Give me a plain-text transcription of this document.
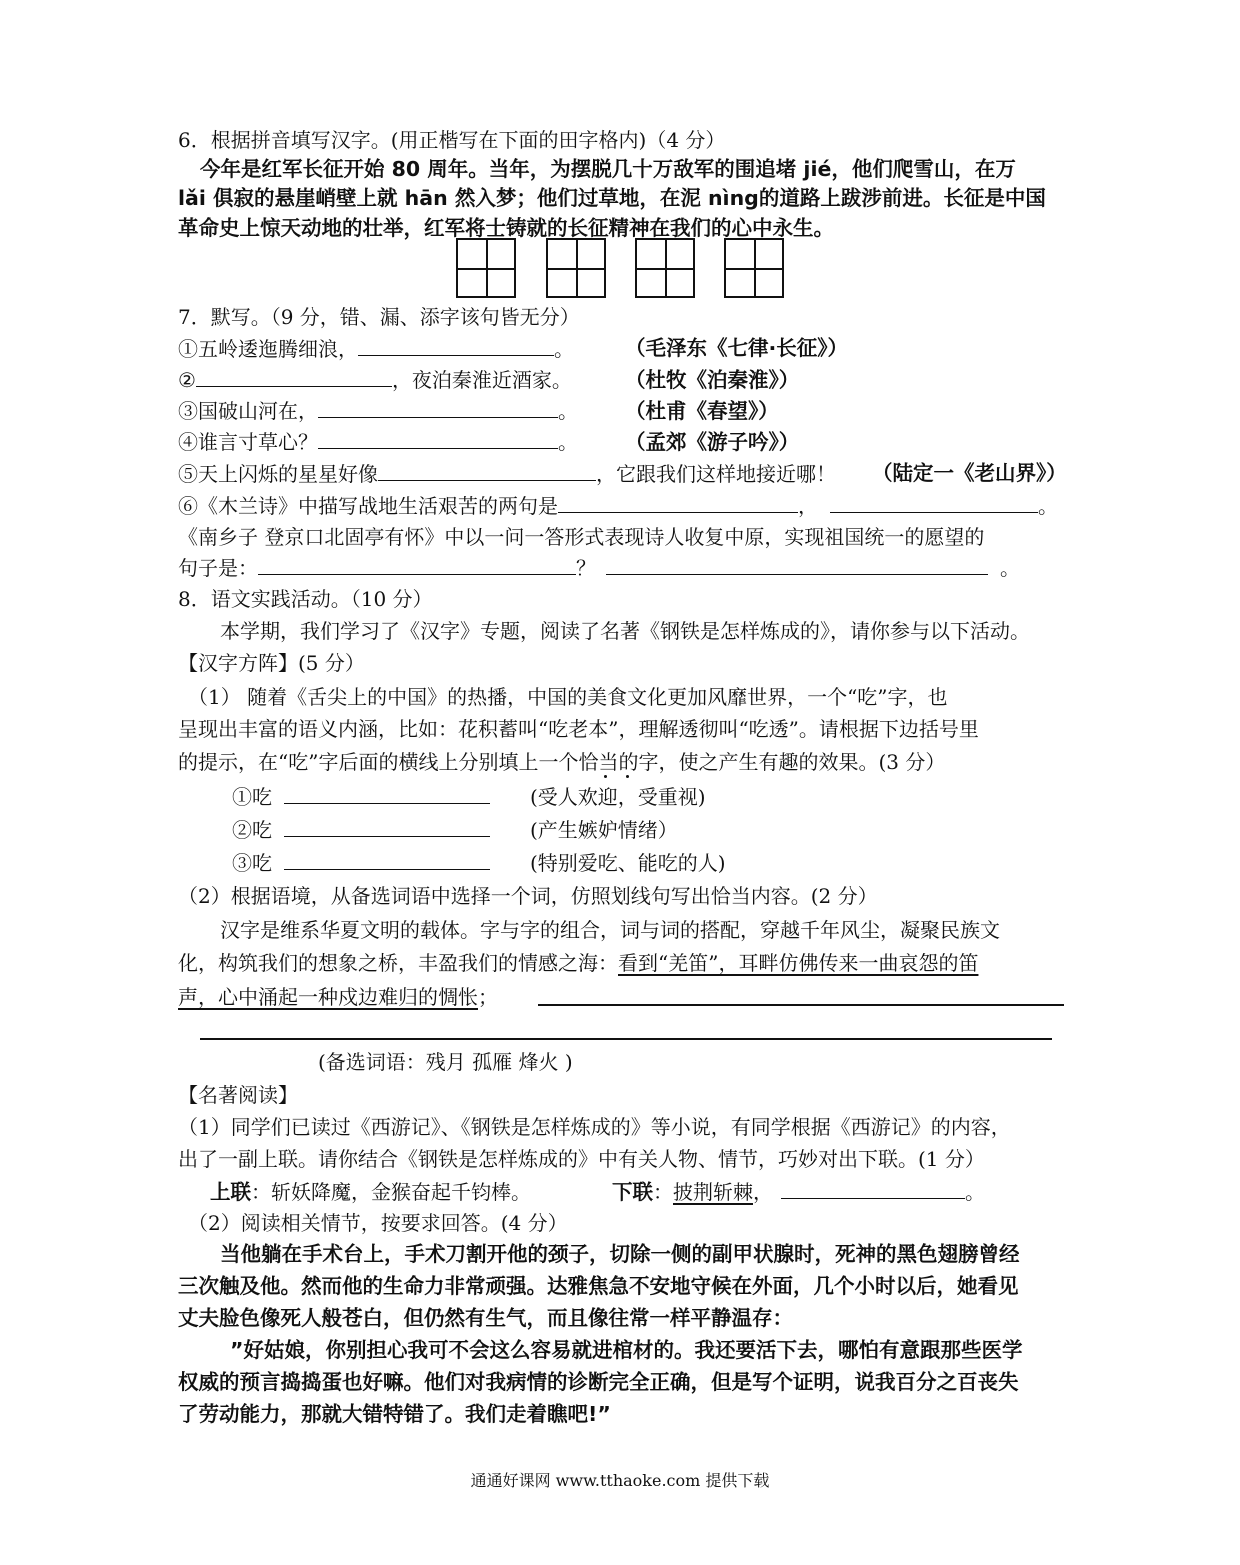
6．根据拼音填写汉字。(用正楷写在下面的田字格内)（4 分）
今年是红军长征开始 80 周年。当年，为摆脱几十万敌军的围追堵 jié，他们爬雪山，在万
lǎi 俱寂的悬崖峭壁上就 hān 然入梦；他们过草地，在泥 nìng的道路上跋涉前进。长征是中国
革命史上惊天动地的壮举，红军将士铸就的长征精神在我们的心中永生。
7．默写。（9 分，错、漏、添字该句皆无分）
①五岭逶迤腾细浪，	。 （毛泽东《七律·长征》）
②	，夜泊秦淮近酒家。	（杜牧《泊秦淮》）
③国破山河在，	。 （杜甫《春望》）
④谁言寸草心？	。 （孟郊《游子吟》）
⑤天上闪烁的星星好像	，它跟我们这样地接近哪！ （陆定一《老山界》）
⑥《木兰诗》中描写战地生活艰苦的两句是	，	。
《南乡子 登京口北固亭有怀》中以一问一答形式表现诗人收复中原，实现祖国统一的愿望的
句子是：	？	。
8．语文实践活动。（10 分）
本学期，我们学习了《汉字》专题，阅读了名著《钢铁是怎样炼成的》，请你参与以下活动。
【汉字方阵】(5 分）
（1） 随着《舌尖上的中国》的热播，中国的美食文化更加风靡世界，一个“吃”字，也
呈现出丰富的语义内涵，比如：花积蓄叫“吃老本”，理解透彻叫“吃透”。请根据下边括号里
的提示，在“吃”字后面的横线上分别填上一个恰当的字，使之产生有趣的效果。(3 分）
①吃	(受人欢迎，受重视)
②吃	(产生嫉妒情绪）
③吃	(特别爱吃、能吃的人)
（2）根据语境，从备选词语中选择一个词，仿照划线句写出恰当内容。(2 分）
汉字是维系华夏文明的载体。字与字的组合，词与词的搭配，穿越千年风尘，凝聚民族文
化，构筑我们的想象之桥，丰盈我们的情感之海：看到“羌笛”，耳畔仿佛传来一曲哀怨的笛
声，心中涌起一种戍边难归的惆怅；
(备选词语：残月 孤雁 烽火 )
【名著阅读】
（1）同学们已读过《西游记》、《钢铁是怎样炼成的》等小说，有同学根据《西游记》的内容，
出了一副上联。请你结合《钢铁是怎样炼成的》中有关人物、情节，巧妙对出下联。(1 分）
上联：斩妖降魔，金猴奋起千钧棒。	下联：披荆斩棘，	。
（2）阅读相关情节，按要求回答。(4 分）
当他躺在手术台上，手术刀割开他的颈子，切除一侧的副甲状腺时，死神的黑色翅膀曾经
三次触及他。然而他的生命力非常顽强。达雅焦急不安地守候在外面，几个小时以后，她看见
丈夫脸色像死人般苍白，但仍然有生气，而且像往常一样平静温存：
”好姑娘，你别担心我可不会这么容易就进棺材的。我还要活下去，哪怕有意跟那些医学
权威的预言捣捣蛋也好嘛。他们对我病情的诊断完全正确，但是写个证明，说我百分之百丧失
了劳动能力，那就大错特错了。我们走着瞧吧!”
通通好课网 www.tthaoke.com 提供下载
